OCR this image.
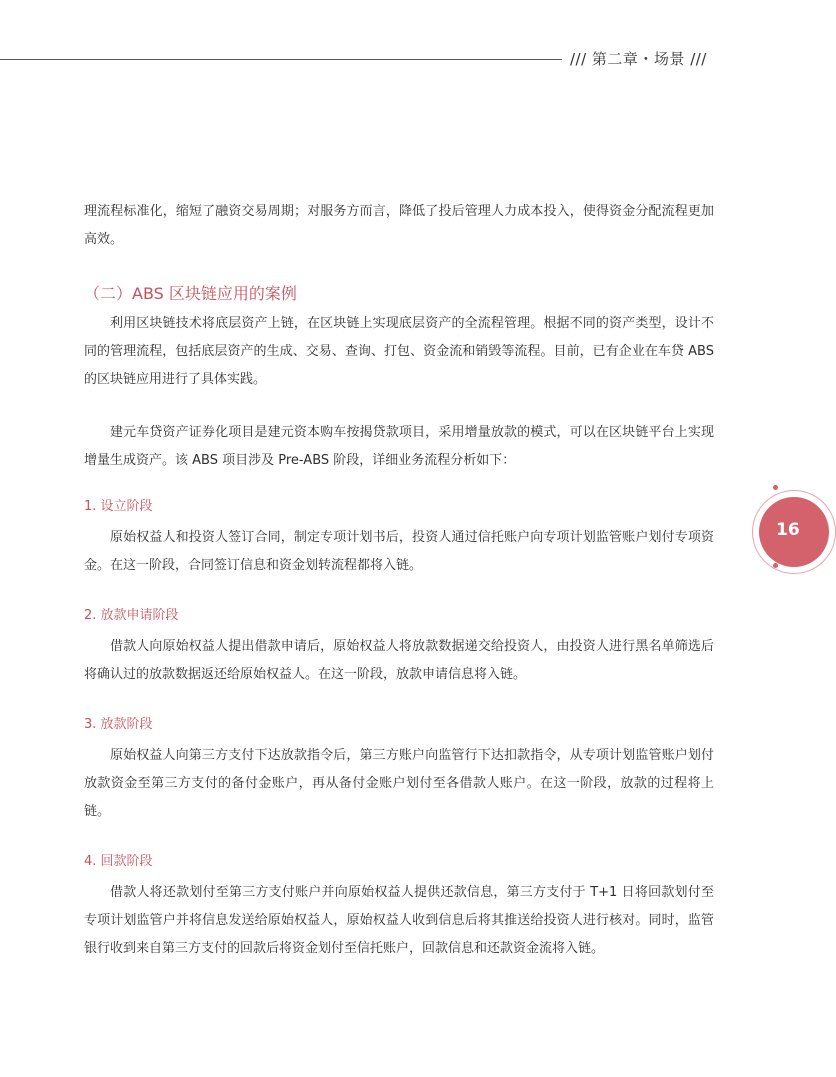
/// 第二章・场景 ///
16

理流程标准化，缩短了融资交易周期；对服务方而言，降低了投后管理人力成本投入，使得资金分配流程更加高效。

（二）ABS 区块链应用的案例

利用区块链技术将底层资产上链，在区块链上实现底层资产的全流程管理。根据不同的资产类型，设计不同的管理流程，包括底层资产的生成、交易、查询、打包、资金流和销毁等流程。目前，已有企业在车贷 ABS 的区块链应用进行了具体实践。

建元车贷资产证券化项目是建元资本购车按揭贷款项目，采用增量放款的模式，可以在区块链平台上实现增量生成资产。该 ABS 项目涉及 Pre-ABS 阶段，详细业务流程分析如下：

1. 设立阶段

原始权益人和投资人签订合同，制定专项计划书后，投资人通过信托账户向专项计划监管账户划付专项资金。在这一阶段，合同签订信息和资金划转流程都将入链。

2. 放款申请阶段

借款人向原始权益人提出借款申请后，原始权益人将放款数据递交给投资人，由投资人进行黑名单筛选后将确认过的放款数据返还给原始权益人。在这一阶段，放款申请信息将入链。

3. 放款阶段

原始权益人向第三方支付下达放款指令后，第三方账户向监管行下达扣款指令，从专项计划监管账户划付放款资金至第三方支付的备付金账户，再从备付金账户划付至各借款人账户。在这一阶段，放款的过程将上链。

4. 回款阶段

借款人将还款划付至第三方支付账户并向原始权益人提供还款信息，第三方支付于 T+1 日将回款划付至专项计划监管户并将信息发送给原始权益人，原始权益人收到信息后将其推送给投资人进行核对。同时，监管银行收到来自第三方支付的回款后将资金划付至信托账户，回款信息和还款资金流将入链。
